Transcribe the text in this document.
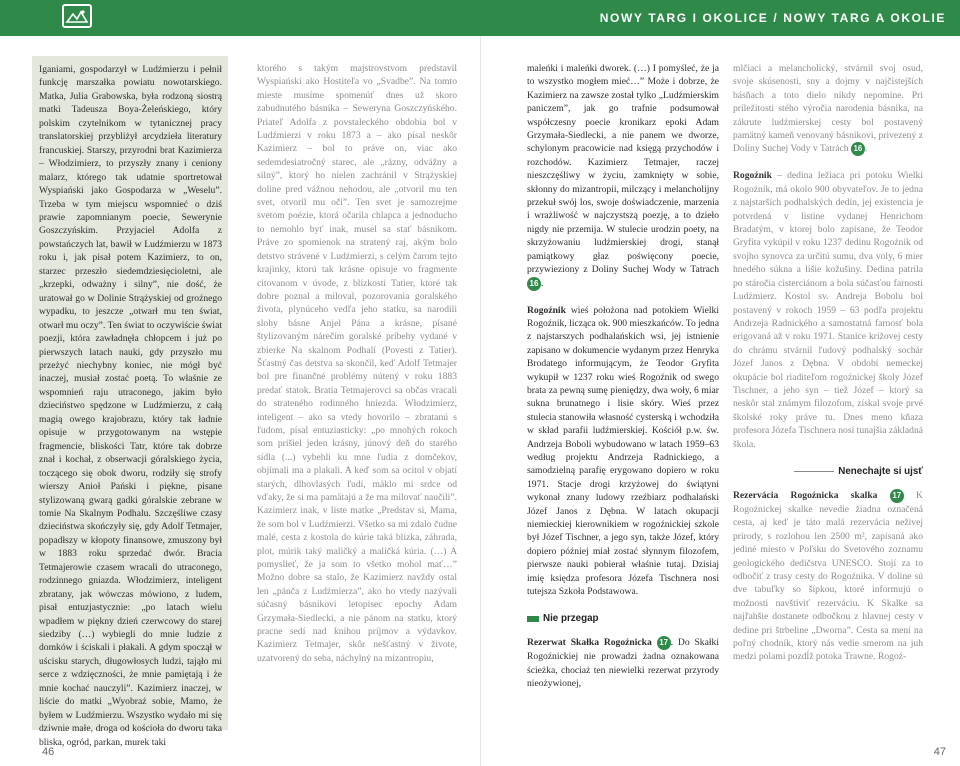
NOWY TARG I OKOLICE / NOWY TARG A OKOLIE

Iganiami, gospodarzył w Ludźmierzu i pełnił funkcję marszałka powiatu nowotarskiego. Matka, Julia Grabowska, była rodzoną siostrą matki Tadeusza Boya-Żeleńskiego, który polskim czytelnikom w tytanicznej pracy translatorskiej przybliżył arcydzieła literatury francuskiej. Starszy, przyrodni brat Kazimierza – Włodzimierz, to przyszły znany i ceniony malarz, którego tak udatnie sportretował Wyspiański jako Gospodarza w „Weselu”. Trzeba w tym miejscu wspomnieć o dziś prawie zapomnianym poecie, Sewerynie Goszczyńskim. Przyjaciel Adolfa z powstańczych lat, bawił w Ludźmierzu w 1873 roku i, jak pisał potem Kazimierz, to on, starzec przeszło siedemdziesięcioletni, ale „krzepki, odważny i silny”, nie dość, że uratował go w Dolinie Strążyskiej od groźnego wypadku, to jeszcze „otwarł mu ten świat, otwarł mu oczy”. Ten świat to oczywiście świat poezji, która zawładnęła chłopcem i już po pierwszych latach nauki, gdy przyszło mu przeżyć niechybny koniec, nie mógł być inaczej, musiał zostać poetą. To właśnie ze wspomnień raju utraconego, jakim było dzieciństwo spędzone w Ludźmierzu, z całą magią owego krajobrazu, który tak ładnie opisuje w przygotowanym na wstępie fragmencie, bliskości Tatr, które tak dobrze znał i kochał, z obserwacji góralskiego życia, toczącego się obok dworu, rodziły się strofy wierszy Anioł Pański i piękne, pisane stylizowaną gwarą gadki góralskie zebrane w tomie Na Skalnym Podhalu. Szczęśliwe czasy dzieciństwa skończyły się, gdy Adolf Tetmajer, popadłszy w kłopoty finansowe, zmuszony był w 1883 roku sprzedać dwór. Bracia Tetmajerowie czasem wracali do utraconego, rodzinnego gniazda. Włodzimierz, inteligent zbratany, jak wówczas mówiono, z ludem, pisał entuzjastycznie: „po latach wielu wpadłem w piękny dzień czerwcowy do starej siedziby (…) wybiegli do mnie ludzie z domków i ściskali i płakali. A gdym spoczął w uścisku starych, długowłosych ludzi, tająło mi serce z wdzięczności, że mnie pamiętają i że mnie kochać nauczyli”. Kazimierz inaczej, w liście do matki „Wyobraź sobie, Mamo, że byłem w Ludźmierzu. Wszystko wydało mi się dziwnie małe, droga od kościoła do dworu taka bliska, ogród, parkan, murek taki

ktorého s takým majstrovstvom predstavil Wyspiański ako Hostiteľa vo „Svadbe”. Na tomto mieste musíme spomenúť dnes už skoro zabudnutého básnika – Seweryna Goszczyńského. Priateľ Adolfa z povstaleckého obdobia bol v Ludźmierzi v roku 1873 a – ako písal neskôr Kazimierz – bol to práve on, viac ako sedemdesiatročný starec, ale „rázny, odvážny a silný”, ktorý ho nielen zachránil v Strążyskiej doline pred vážnou nehodou, ale „otvoril mu ten svet, otvoril mu oči”. Ten svet je samozrejme svetom poézie, ktorá očarila chlapca a jednoducho to nemohlo byť inak, musel sa stať básnikom. Práve zo spomienok na stratený raj, akým bolo detstvo strávené v Ludźmierzi, s celým čarom tejto krajinky, ktorú tak krásne opisuje vo fragmente citovanom v úvode, z blízkosti Tatier, ktoré tak dobre poznal a miloval, pozorovania goralského života, plynúceho vedľa jeho statku, sa narodili slohy básne Anjel Pána a krásne, písané štylizovaným nárečím goralské príbehy vydané v zbierke Na skalnom Podhalí (Povesti z Tatier). Šťastný čas detstva sa skončil, keď Adolf Tetmajer bol pre finančné problémy nútený v roku 1883 predať statok. Bratia Tetmajerovci sa občas vracali do strateného rodinného hniezda. Włodzimierz, inteligent – ako sa vtedy hovorilo – zbratanú s ľudom, písal entuziasticky: „po mnohých rokoch som prišiel jeden krásny, júnový deň do starého sídla (...) vybehli ku mne ľudia z domčekov, objímali ma a plakali. A keď som sa ocitol v objatí starých, dlhovlasých ľudí, mäklo mi srdce od vďaky, že si ma pamätajú a že ma milovať naučili”. Kazimierz inak, v liste matke „Predstav si, Mama, že som bol v Ludźmierzi. Všetko sa mi zdalo čudne malé, cesta z kostola do kúrie taká blízka, záhrada, plot, múrik taký maličký a maličká kúria. (…) A pomyslieť, že ja som to všetko mohol mať…” Možno dobre sa stalo, že Kazimierz navždy ostal len „pánča z Ludźmierza”, ako ho vtedy nazývali súčasný básnikovi letopisec epochy Adam Grzymała-Siedlecki, a nie pánom na statku, ktorý pracne sedí nad knihou príjmov a výdavkov. Kazimierz Tetmajer, skôr nešťastný v živote, uzatvorený do seba, náchylný na mizantropiu,

maleńki i maleńki dworek. (…) I pomyśleć, że ja to wszystko mogłem mieć…” Może i dobrze, że Kazimierz na zawsze został tylko „Ludźmierskim paniczem”, jak go trafnie podsumował współczesny poecie kronikarz epoki Adam Grzymała-Siedlecki, a nie panem we dworze, schylonym pracowicie nad księgą przychodów i rozchodów. Kazimierz Tetmajer, raczej nieszczęśliwy w życiu, zamknięty w sobie, skłonny do mizantropii, milczący i melancholijny przekuł swój los, swoje doświadczenie, marzenia i wrażliwość w najczystszą poezję, a to dzieło nigdy nie przemija. W stulecie urodzin poety, na skrzyżowaniu ludźmierskiej drogi, stanął pamiątkowy głaz poświęcony poecie, przywieziony z Doliny Suchej Wody w Tatrach 16 .

Rogoźnik wieś położona nad potokiem Wielki Rogoźnik, licząca ok. 900 mieszkańców. To jedna z najstarszych podhalańskich wsi, jej istnienie zapisano w dokumencie wydanym przez Henryka Brodatego informującym, że Teodor Gryfita wykupił w 1237 roku wieś Rogoźnik od swego brata za pewną sumę pieniędzy, dwa woły, 6 miar sukna brunatnego i lisie skóry. Wieś przez stulecia stanowiła własność cysterską i wchodziła w skład parafii ludźmierskiej. Kościół p.w. św. Andrzeja Boboli wybudowano w latach 1959–63 według projektu Andrzeja Radnickiego, a samodzielną parafię erygowano dopiero w roku 1971. Stacje drogi krzyżowej do świątyni wykonał znany ludowy rzeźbiarz podhalański Józef Janos z Dębna. W latach okupacji niemieckiej kierownikiem w rogoźnickiej szkole był Józef Tischner, a jego syn, także Józef, który dopiero później miał zostać słynnym filozofem, pierwsze nauki pobierał właśnie tutaj. Dzisiaj imię księdza profesora Józefa Tischnera nosi tutejsza Szkoła Podstawowa.

Nie przegap

Rezerwat Skałka Rogoźnicka 17 . Do Skałki Rogoźnickiej nie prowadzi żadna oznakowana ścieżka, chociaż ten niewielki rezerwat przyrody nieożywionej,

mlčiaci a melancholický, stvárnil svoj osud, svoje skúsenosti, sny a dojmy v najčistejších básňach a toto dielo nikdy nepomine. Pri príležitosti stého výročia narodenia básnika, na zákrute ludźmierskej cesty bol postavený pamätný kameň venovaný básnikovi, privezený z Doliny Suchej Vody v Tatrách 16 .

Rogoźnik – dedina ležiaca pri potoku Wielki Rogoźnik, má okolo 900 obyvateľov. Je to jedna z najstarších podhalských dedín, jej existencia je potvrdená v listine vydanej Henrichom Bradatým, v ktorej bolo zapísane, že Teodor Gryfita vykúpil v roku 1237 dedinu Rogoźnik od svojho synovca za určitú sumu, dva voly, 6 mier hnedého súkna a lišie kožušiny. Dedina patrila po stáročia cisterciánom a bola súčasťou farnosti Ludźmierz. Kostol sv. Andreja Bobolu bol postavený v rokoch 1959 – 63 podľa projektu Andrzeja Radnického a samostatná farnosť bola erigovaná až v roku 1971. Stanice krížovej cesty do chrámu stvárnil ľudový podhalský sochár Józef Janos z Dębna. V období nemeckej okupácie bol riaditeľom rogoźnickej školy Józef Tischner, a jeho syn – tiež Józef – ktorý sa neskôr stal známym filozofom, získal svoje prvé školské roky práve tu. Dnes meno kňaza profesora Józefa Tischnera nosí tunajšia základná škola.

Nenechajte si ujsť

Rezervácia Rogoźnicka skalka 17 K Rogoźnickej skalke nevedie žiadna označená cesta, aj keď je táto malá rezervácia neživej prírody, s rozlohou len 2500 m², zapísaná ako jediné miesto v Poľsku do Svetového zoznamu geologického dedičstva UNESCO. Stojí za to odbočiť z trasy cesty do Rogoźnika. V doline sú dve tabuľky so šípkou, ktoré informujú o možnosti navštíviť rezerváciu. K Skalke sa najľahšie dostanete odbočkou z hlavnej cesty v dedine pri štrbeline „Dworna”. Cesta sa mení na poľný chodník, ktorý nás vedie smerom na juh medzi polami pozdĺž potoka Trawne. Rogoź-

46	47
